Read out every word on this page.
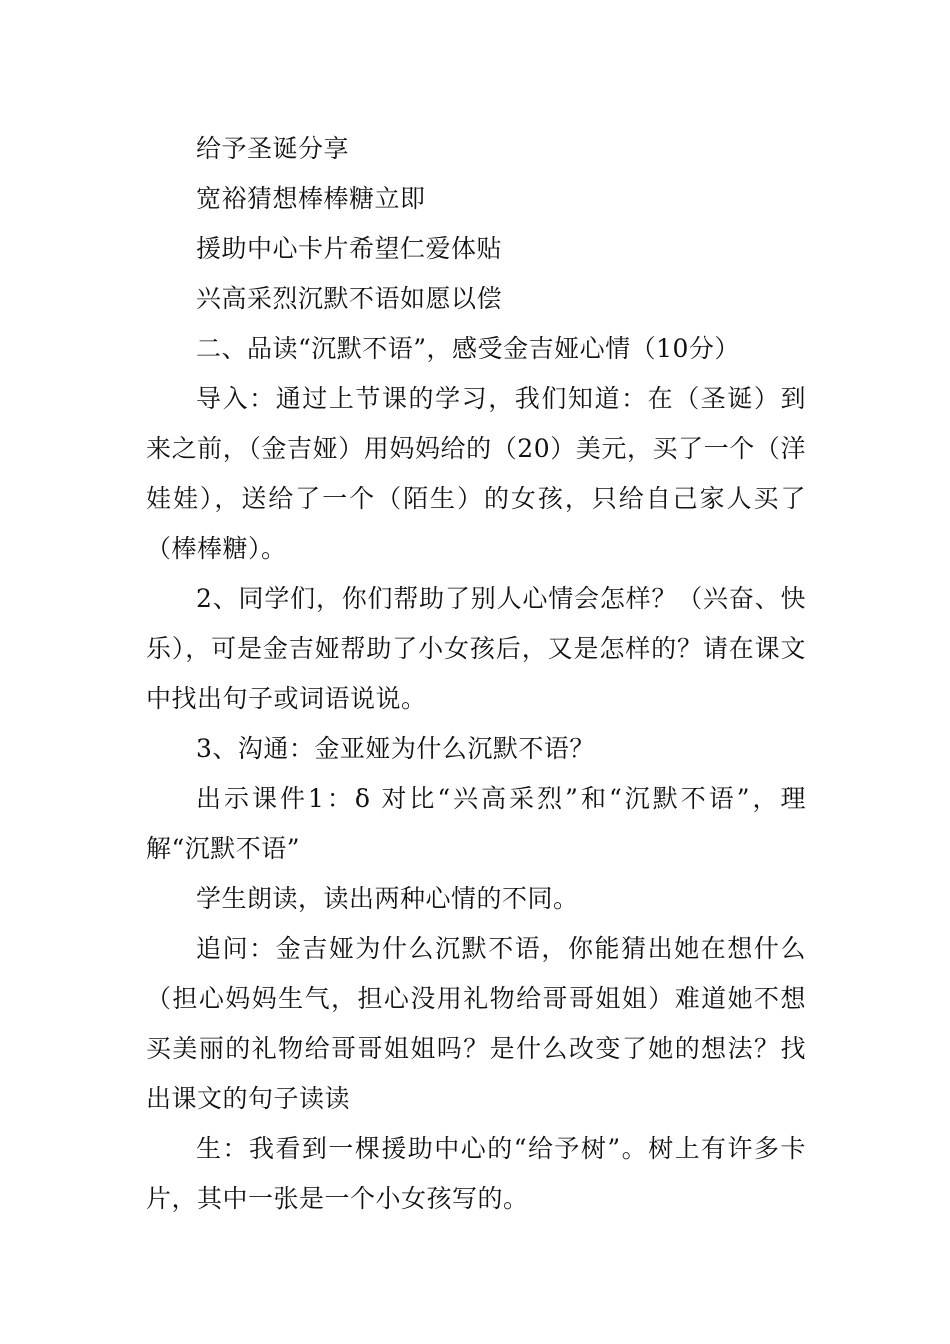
给予圣诞分享

宽裕猜想棒棒糖立即

援助中心卡片希望仁爱体贴

兴高采烈沉默不语如愿以偿

二、品读“沉默不语”，感受金吉娅心情（10分）

导入：通过上节课的学习，我们知道：在（圣诞）到来之前，（金吉娅）用妈妈给的（20）美元，买了一个（洋娃娃），送给了一个（陌生）的女孩，只给自己家人买了（棒棒糖）。

2、同学们，你们帮助了别人心情会怎样？（兴奋、快乐），可是金吉娅帮助了小女孩后，又是怎样的？请在课文中找出句子或词语说说。

3、沟通：金亚娅为什么沉默不语？

出示课件1：δ 对比“兴高采烈”和“沉默不语”，理解“沉默不语”

学生朗读，读出两种心情的不同。

追问：金吉娅为什么沉默不语，你能猜出她在想什么（担心妈妈生气，担心没用礼物给哥哥姐姐）难道她不想买美丽的礼物给哥哥姐姐吗？是什么改变了她的想法？找出课文的句子读读

生：我看到一棵援助中心的“给予树”。树上有许多卡片，其中一张是一个小女孩写的。
